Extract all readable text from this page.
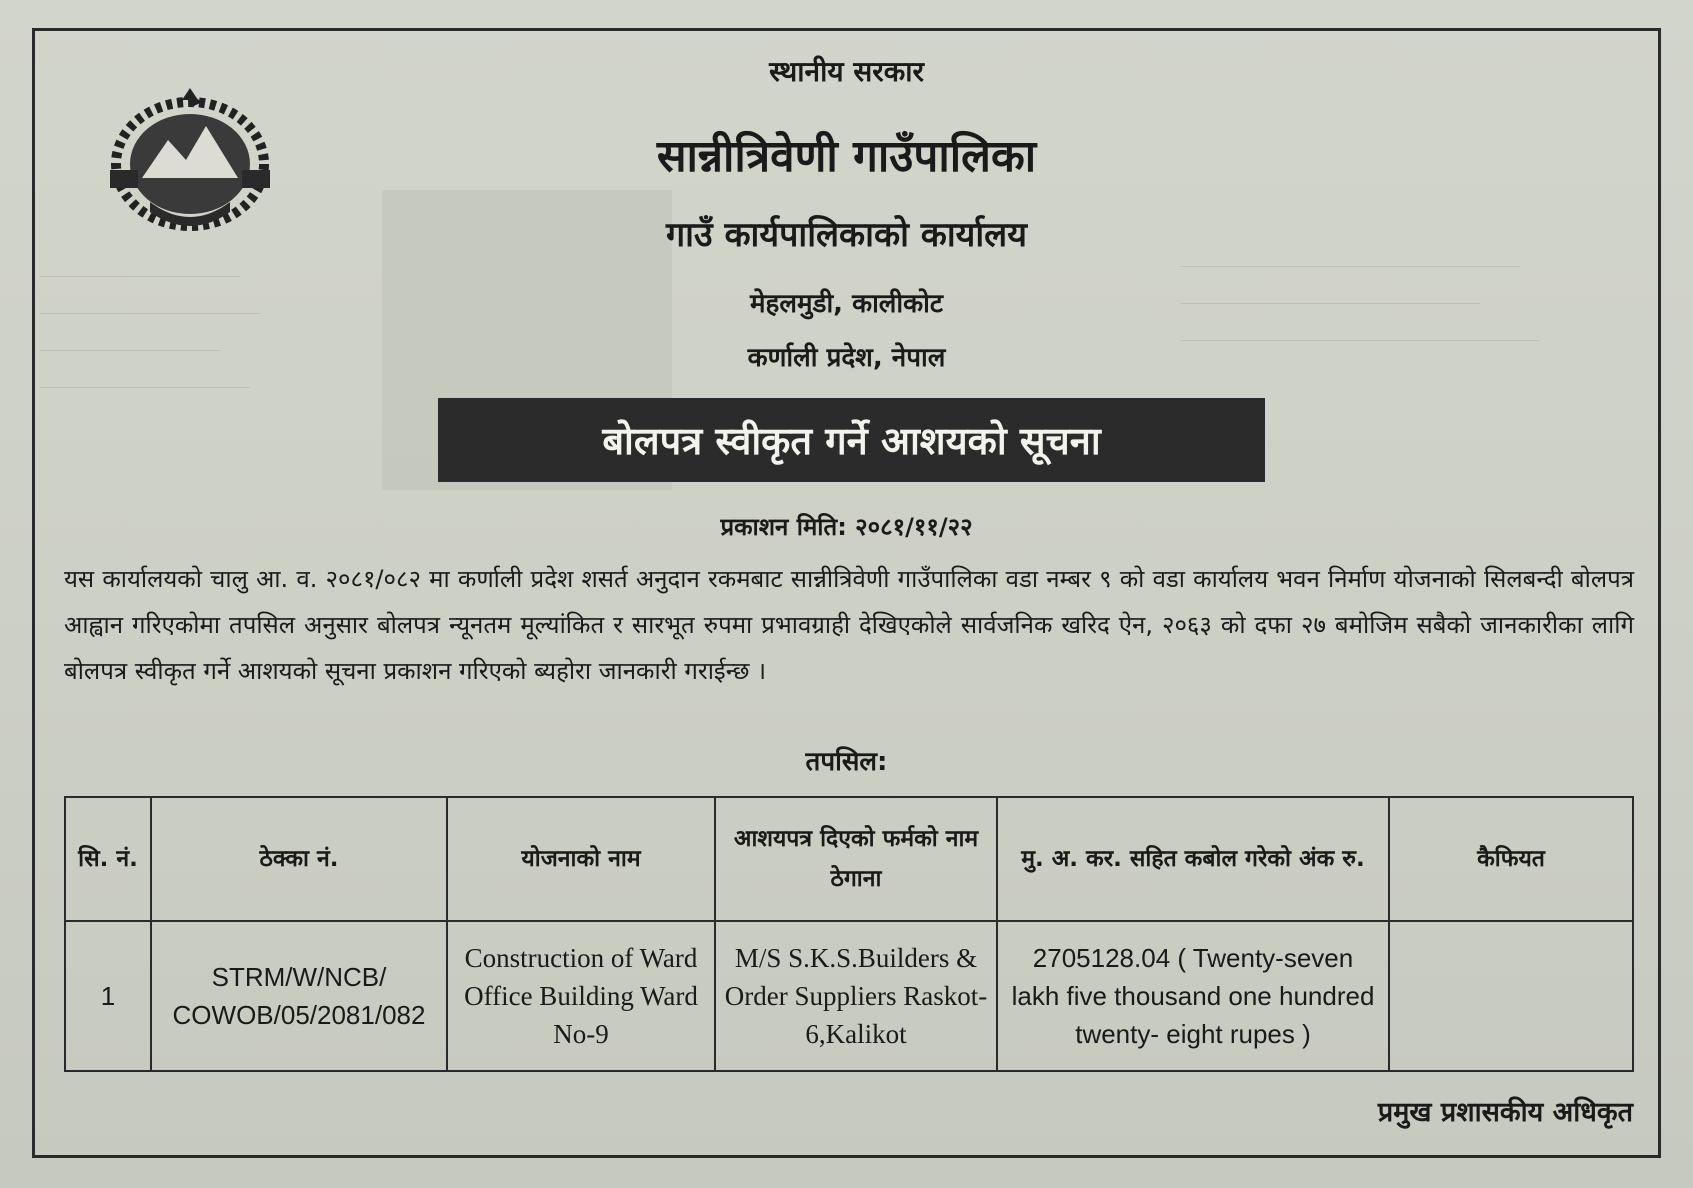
स्थानीय सरकार
सान्नीत्रिवेणी गाउँपालिका
गाउँ कार्यपालिकाको कार्यालय
मेहलमुडी, कालीकोट
कर्णाली प्रदेश, नेपाल
बोलपत्र स्वीकृत गर्ने आशयको सूचना
प्रकाशन मिति: २०८१/११/२२
यस कार्यालयको चालु आ. व. २०८१/०८२ मा कर्णाली प्रदेश शसर्त अनुदान रकमबाट सान्नीत्रिवेणी गाउँपालिका वडा नम्बर ९ को वडा कार्यालय भवन निर्माण योजनाको सिलबन्दी बोलपत्र आह्वान गरिएकोमा तपसिल अनुसार बोलपत्र न्यूनतम मूल्यांकित र सारभूत रुपमा प्रभावग्राही देखिएकोले सार्वजनिक खरिद ऐन, २०६३ को दफा २७ बमोजिम सबैको जानकारीका लागि बोलपत्र स्वीकृत गर्ने आशयको सूचना प्रकाशन गरिएको ब्यहोरा जानकारी गराईन्छ ।
तपसिल:
सि. नं.	ठेक्का नं.	योजनाको नाम	आशयपत्र दिएको फर्मको नाम ठेगाना	मु. अ. कर. सहित कबोल गरेको अंक रु.	कैफियत
1	STRM/W/NCB/ COWOB/05/2081/082	Construction of Ward Office Building Ward No-9	M/S S.K.S.Builders & Order Suppliers Raskot-6,Kalikot	2705128.04 ( Twenty-seven lakh five thousand one hundred twenty- eight rupes )	
प्रमुख प्रशासकीय अधिकृत
